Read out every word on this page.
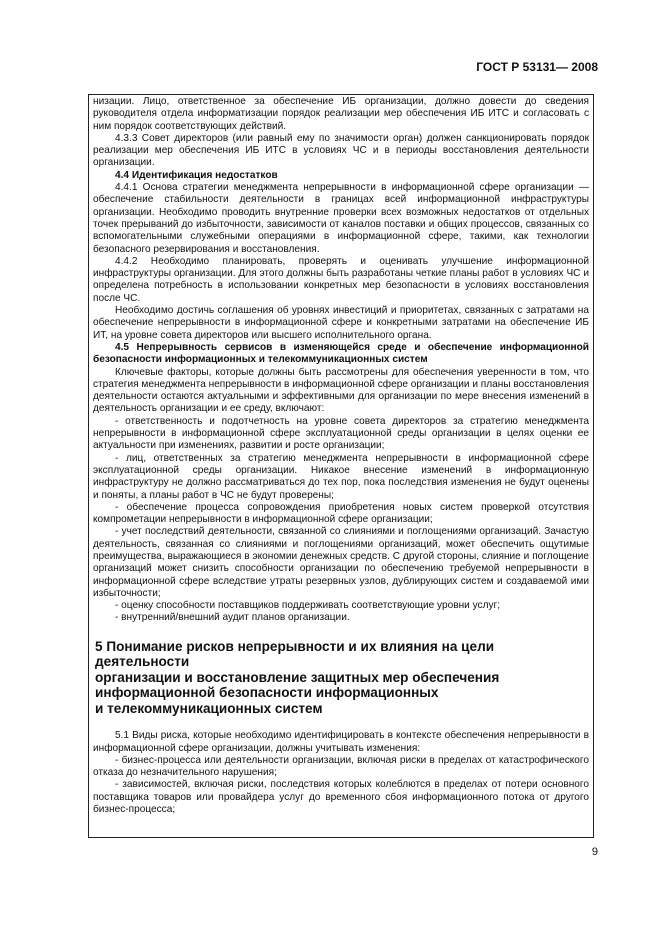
ГОСТ Р 53131— 2008

низации. Лицо, ответственное за обеспечение ИБ организации, должно довести до сведения руководителя отдела информатизации порядок реализации мер обеспечения ИБ ИТС и согласовать с ним порядок соответствующих действий.

4.3.3 Совет директоров (или равный ему по значимости орган) должен санкционировать порядок реализации мер обеспечения ИБ ИТС в условиях ЧС и в периоды восстановления деятельности организации.

4.4 Идентификация недостатков

4.4.1 Основа стратегии менеджмента непрерывности в информационной сфере организации — обеспечение стабильности деятельности в границах всей информационной инфраструктуры организации. Необходимо проводить внутренние проверки всех возможных недостатков от отдельных точек прерываний до избыточности, зависимости от каналов поставки и общих процессов, связанных со вспомогательными служебными операциями в информационной сфере, такими, как технологии безопасного резервирования и восстановления.

4.4.2 Необходимо планировать, проверять и оценивать улучшение информационной инфраструктуры организации. Для этого должны быть разработаны четкие планы работ в условиях ЧС и определена потребность в использовании конкретных мер безопасности в условиях восстановления после ЧС.

Необходимо достичь соглашения об уровнях инвестиций и приоритетах, связанных с затратами на обеспечение непрерывности в информационной сфере и конкретными затратами на обеспечение ИБ ИТ, на уровне совета директоров или высшего исполнительного органа.

4.5 Непрерывность сервисов в изменяющейся среде и обеспечение информационной безопасности информационных и телекоммуникационных систем

Ключевые факторы, которые должны быть рассмотрены для обеспечения уверенности в том, что стратегия менеджмента непрерывности в информационной сфере организации и планы восстановления деятельности остаются актуальными и эффективными для организации по мере внесения изменений в деятельность организации и ее среду, включают:

- ответственность и подотчетность на уровне совета директоров за стратегию менеджмента непрерывности в информационной сфере эксплуатационной среды организации в целях оценки ее актуальности при изменениях, развитии и росте организации;

- лиц, ответственных за стратегию менеджмента непрерывности в информационной сфере эксплуатационной среды организации. Никакое внесение изменений в информационную инфраструктуру не должно рассматриваться до тех пор, пока последствия изменения не будут оценены и поняты, а планы работ в ЧС не будут проверены;

- обеспечение процесса сопровождения приобретения новых систем проверкой отсутствия компрометации непрерывности в информационной сфере организации;

- учет последствий деятельности, связанной со слияниями и поглощениями организаций. Зачастую деятельность, связанная со слияниями и поглощениями организаций, может обеспечить ощутимые преимущества, выражающиеся в экономии денежных средств. С другой стороны, слияние и поглощение организаций может снизить способности организации по обеспечению требуемой непрерывности в информационной сфере вследствие утраты резервных узлов, дублирующих систем и создаваемой ими избыточности;

- оценку способности поставщиков поддерживать соответствующие уровни услуг;

- внутренний/внешний аудит планов организации.

5 Понимание рисков непрерывности и их влияния на цели деятельности
организации и восстановление защитных мер обеспечения
информационной безопасности информационных
и телекоммуникационных систем

5.1 Виды риска, которые необходимо идентифицировать в контексте обеспечения непрерывности в информационной сфере организации, должны учитывать изменения:

- бизнес-процесса или деятельности организации, включая риски в пределах от катастрофического отказа до незначительного нарушения;

- зависимостей, включая риски, последствия которых колеблются в пределах от потери основного поставщика товаров или провайдера услуг до временного сбоя информационного потока от другого бизнес-процесса;

9
